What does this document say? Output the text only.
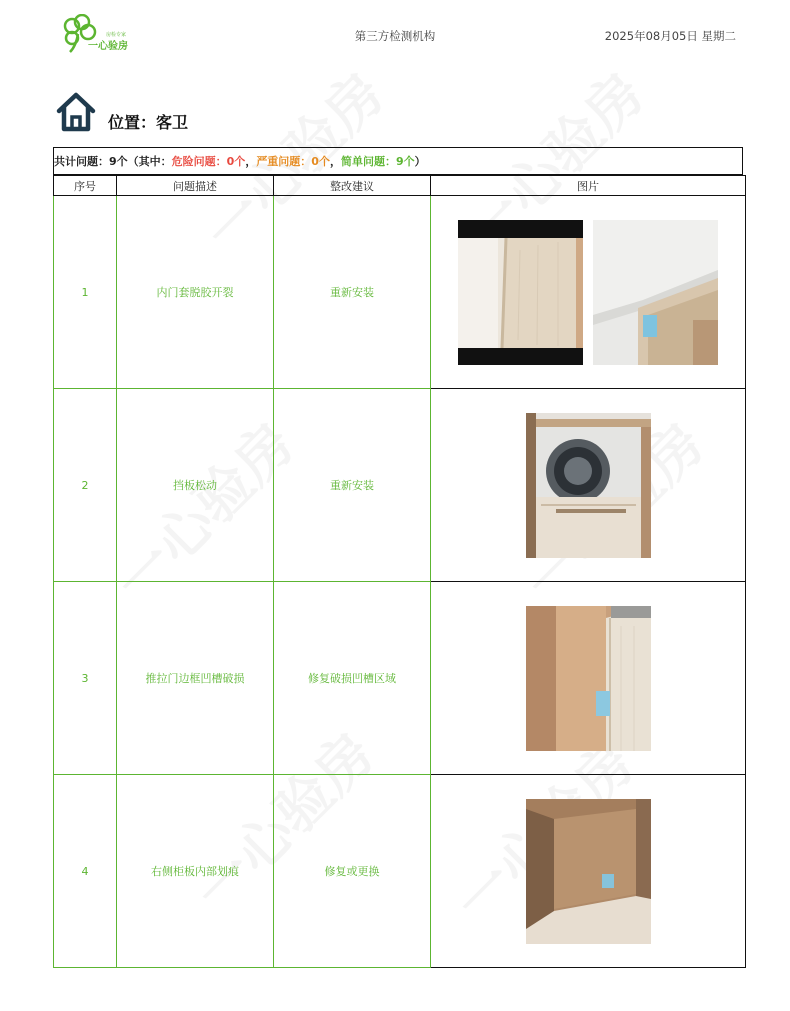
房检专家
一心验房
第三方检测机构	2025年08月05日 星期二
位置：客卫
共计问题：9个（其中：危险问题：0个，严重问题：0个，简单问题：9个）
序号	问题描述	整改建议	图片
1	内门套脱胶开裂	重新安装	

2	挡板松动	重新安装	

3	推拉门边框凹槽破损	修复破损凹槽区域	

4	右侧柜板内部划痕	修复或更换	
